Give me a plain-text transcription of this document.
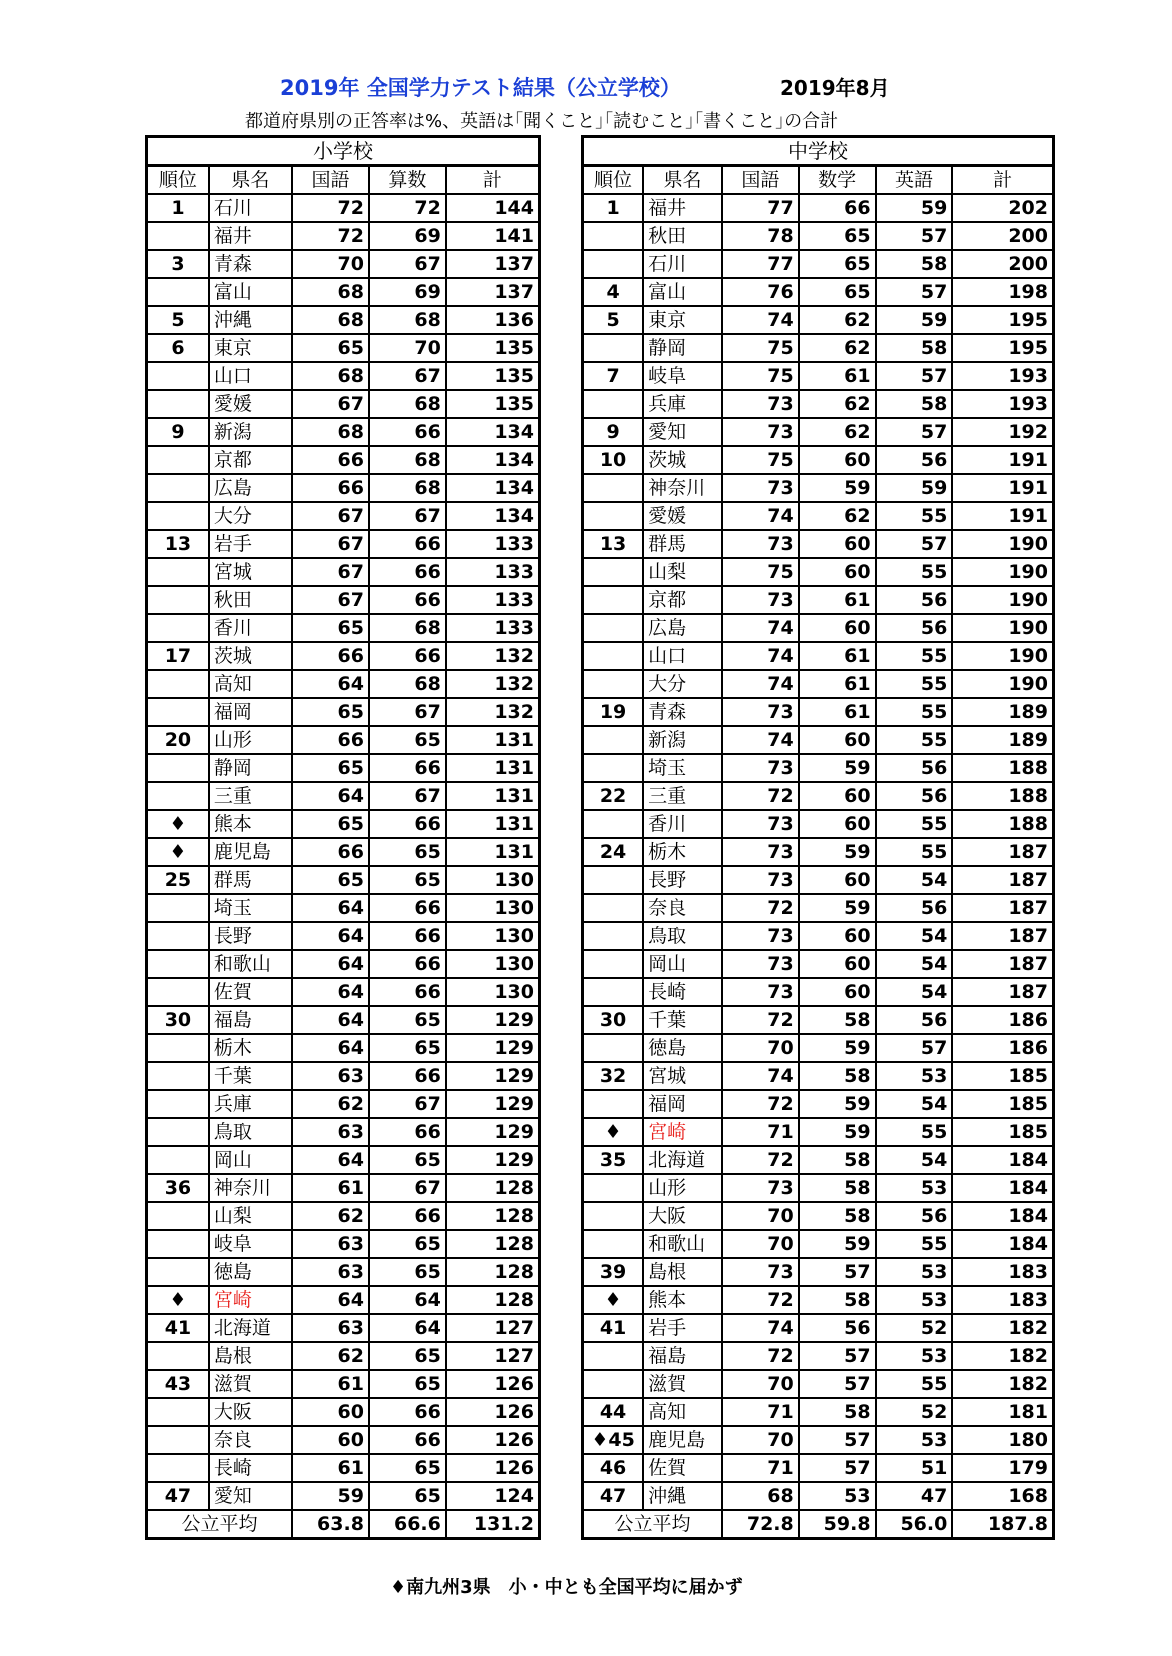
2019年 全国学力テスト結果（公立学校）	2019年8月
都道府県別の正答率は%、英語は｢聞くこと｣｢読むこと｣｢書くこと｣の合計
小学校				
順位	県名	国語	算数	計
1	石川	72	72	144
	福井	72	69	141
3	青森	70	67	137
	富山	68	69	137
5	沖縄	68	68	136
6	東京	65	70	135
	山口	68	67	135
	愛媛	67	68	135
9	新潟	68	66	134
	京都	66	68	134
	広島	66	68	134
	大分	67	67	134
13	岩手	67	66	133
	宮城	67	66	133
	秋田	67	66	133
	香川	65	68	133
17	茨城	66	66	132
	高知	64	68	132
	福岡	65	67	132
20	山形	66	65	131
	静岡	65	66	131
	三重	64	67	131
♦	熊本	65	66	131
♦	鹿児島	66	65	131
25	群馬	65	65	130
	埼玉	64	66	130
	長野	64	66	130
	和歌山	64	66	130
	佐賀	64	66	130
30	福島	64	65	129
	栃木	64	65	129
	千葉	63	66	129
	兵庫	62	67	129
	鳥取	63	66	129
	岡山	64	65	129
36	神奈川	61	67	128
	山梨	62	66	128
	岐阜	63	65	128
	徳島	63	65	128
♦	宮崎	64	64	128
41	北海道	63	64	127
	島根	62	65	127
43	滋賀	61	65	126
	大阪	60	66	126
	奈良	60	66	126
	長崎	61	65	126
47	愛知	59	65	124
公立平均		63.8	66.6	131.2
中学校					
順位	県名	国語	数学	英語	計
1	福井	77	66	59	202
	秋田	78	65	57	200
	石川	77	65	58	200
4	富山	76	65	57	198
5	東京	74	62	59	195
	静岡	75	62	58	195
7	岐阜	75	61	57	193
	兵庫	73	62	58	193
9	愛知	73	62	57	192
10	茨城	75	60	56	191
	神奈川	73	59	59	191
	愛媛	74	62	55	191
13	群馬	73	60	57	190
	山梨	75	60	55	190
	京都	73	61	56	190
	広島	74	60	56	190
	山口	74	61	55	190
	大分	74	61	55	190
19	青森	73	61	55	189
	新潟	74	60	55	189
	埼玉	73	59	56	188
22	三重	72	60	56	188
	香川	73	60	55	188
24	栃木	73	59	55	187
	長野	73	60	54	187
	奈良	72	59	56	187
	鳥取	73	60	54	187
	岡山	73	60	54	187
	長崎	73	60	54	187
30	千葉	72	58	56	186
	徳島	70	59	57	186
32	宮城	74	58	53	185
	福岡	72	59	54	185
♦	宮崎	71	59	55	185
35	北海道	72	58	54	184
	山形	73	58	53	184
	大阪	70	58	56	184
	和歌山	70	59	55	184
39	島根	73	57	53	183
♦	熊本	72	58	53	183
41	岩手	74	56	52	182
	福島	72	57	53	182
	滋賀	70	57	55	182
44	高知	71	58	52	181
♦45	鹿児島	70	57	53	180
46	佐賀	71	57	51	179
47	沖縄	68	53	47	168
公立平均		72.8	59.8	56.0	187.8
♦南九州3県　小・中とも全国平均に届かず
